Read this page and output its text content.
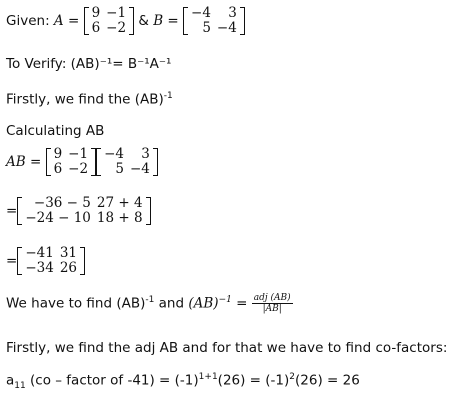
Given: A = 9	−1
6	−2 & B = −4	3
5	−4
To Verify: (AB)⁻¹= B⁻¹A⁻¹
Firstly, we find the (AB)$^{-1}$
Calculating AB
AB = 9	−1
6	−2
−4	3
5	−4
= −36 − 5	27 + 4
−24 − 10	18 + 8
= −41	31
−34	26
We have to find (AB)$^{-1}$ and $(AB)^{-1} = \frac{\text{adj (AB)}}{|AB|}$
Firstly, we find the adj AB and for that we have to find co-factors:
$a_{11}$ (co – factor of $-41) = (-1)^{1+1}(26) = (-1)^2(26) = 26$
